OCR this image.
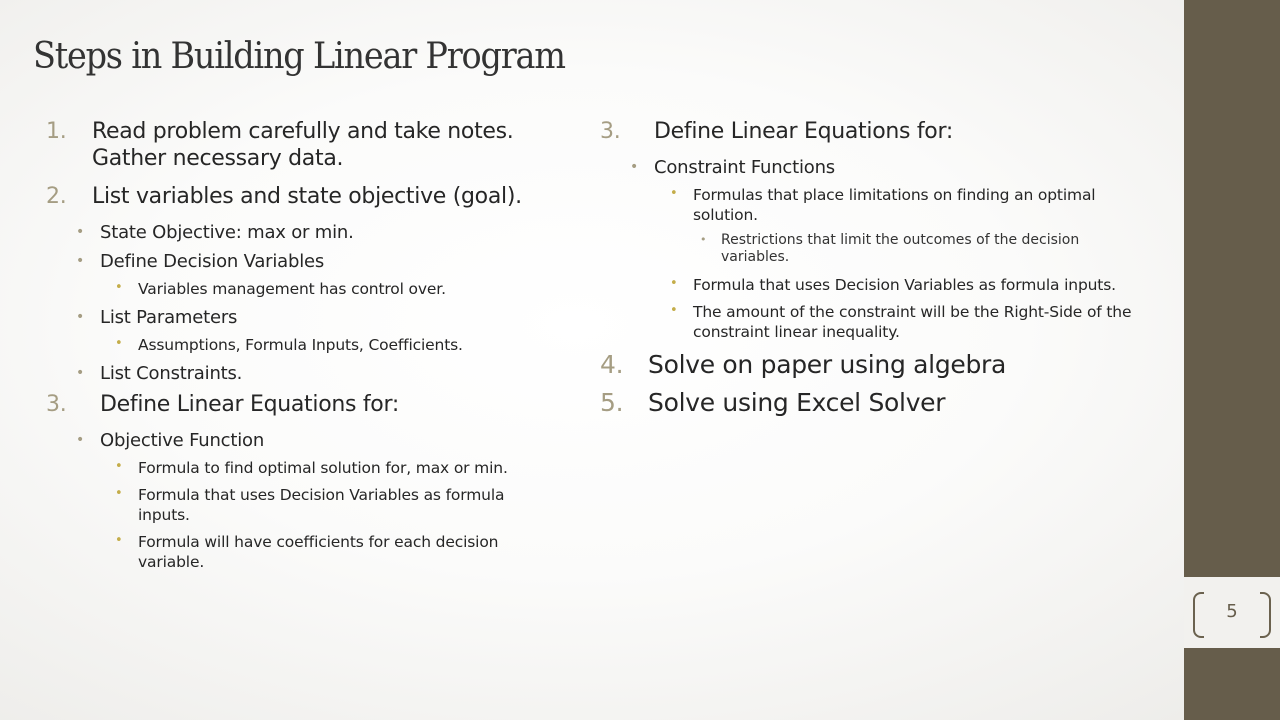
Steps in Building Linear Program
1. Read problem carefully and take notes. Gather necessary data.
2. List variables and state objective (goal).
• State Objective: max or min.
• Define Decision Variables
• Variables management has control over.
• List Parameters
• Assumptions, Formula Inputs, Coefficients.
• List Constraints.
3. Define Linear Equations for:
• Objective Function
• Formula to find optimal solution for, max or min.
• Formula that uses Decision Variables as formula inputs.
• Formula will have coefficients for each decision variable.
3. Define Linear Equations for:
• Constraint Functions
• Formulas that place limitations on finding an optimal solution.
• Restrictions that limit the outcomes of the decision variables.
• Formula that uses Decision Variables as formula inputs.
• The amount of the constraint will be the Right-Side of the constraint linear inequality.
4. Solve on paper using algebra
5. Solve using Excel Solver
5
